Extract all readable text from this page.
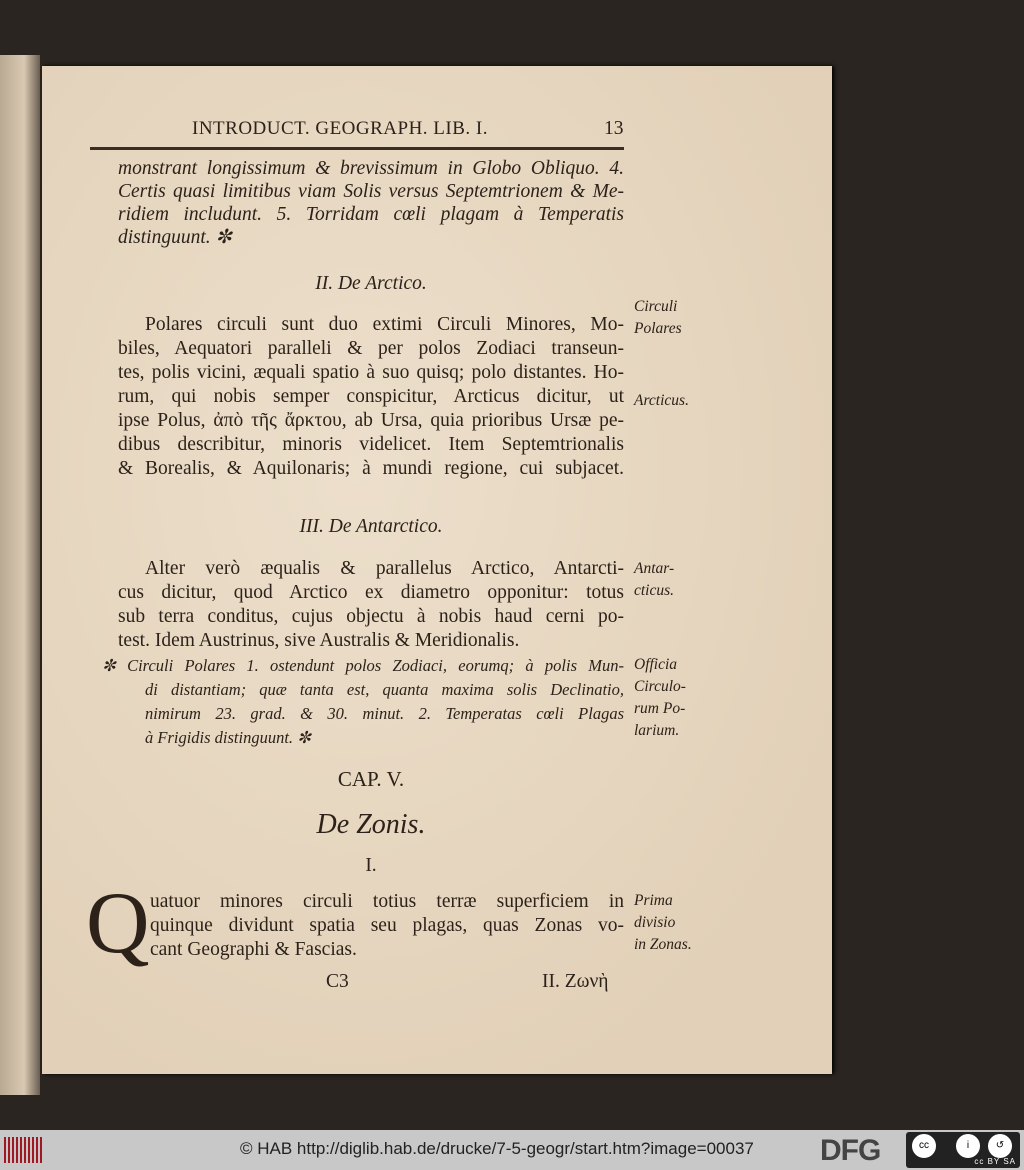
INTRODUCT. GEOGRAPH. LIB. I.	13
monstrant longissimum & brevissimum in Globo Obliquo. 4.
Certis quasi limitibus viam Solis versus Septemtrionem & Me-
ridiem includunt. 5. Torridam cœli plagam à Temperatis
distinguunt. ✼
II. De Arctico.
Polares circuli sunt duo extimi Circuli Minores, Mo-
biles, Aequatori paralleli & per polos Zodiaci transeun-
tes, polis vicini, æquali spatio à suo quisq; polo distantes. Ho-
rum, qui nobis semper conspicitur, Arcticus dicitur, ut
ipse Polus, ἀπὸ τῆς ἄρκτου, ab Ursa, quia prioribus Ursæ pe-
dibus describitur, minoris videlicet. Item Septemtrionalis
& Borealis, & Aquilonaris; à mundi regione, cui subjacet.
III. De Antarctico.
Alter verò æqualis & parallelus Arctico, Antarcti-
cus dicitur, quod Arctico ex diametro opponitur: totus
sub terra conditus, cujus objectu à nobis haud cerni po-
test. Idem Austrinus, sive Australis & Meridionalis.
✼ Circuli Polares 1. ostendunt polos Zodiaci, eorumq; à polis Mun-
di distantiam; quæ tanta est, quanta maxima solis Declinatio,
nimirum 23. grad. & 30. minut. 2. Temperatas cœli Plagas
à Frigidis distinguunt. ✼
CAP. V.
De Zonis.
I.
Q uatuor minores circuli totius terræ superficiem in
quinque dividunt spatia seu plagas, quas Zonas vo-
cant Geographi & Fascias.
C3	II. Ζωνὴ
Circuli
Polares
Arcticus.
Antar-
cticus.
Officia
Circulo-
rum Po-
larium.
Prima
divisio
in Zonas.
© HAB http://diglib.hab.de/drucke/7-5-geogr/start.htm?image=00037 DFG	cc	i	↺
cc BY SA
